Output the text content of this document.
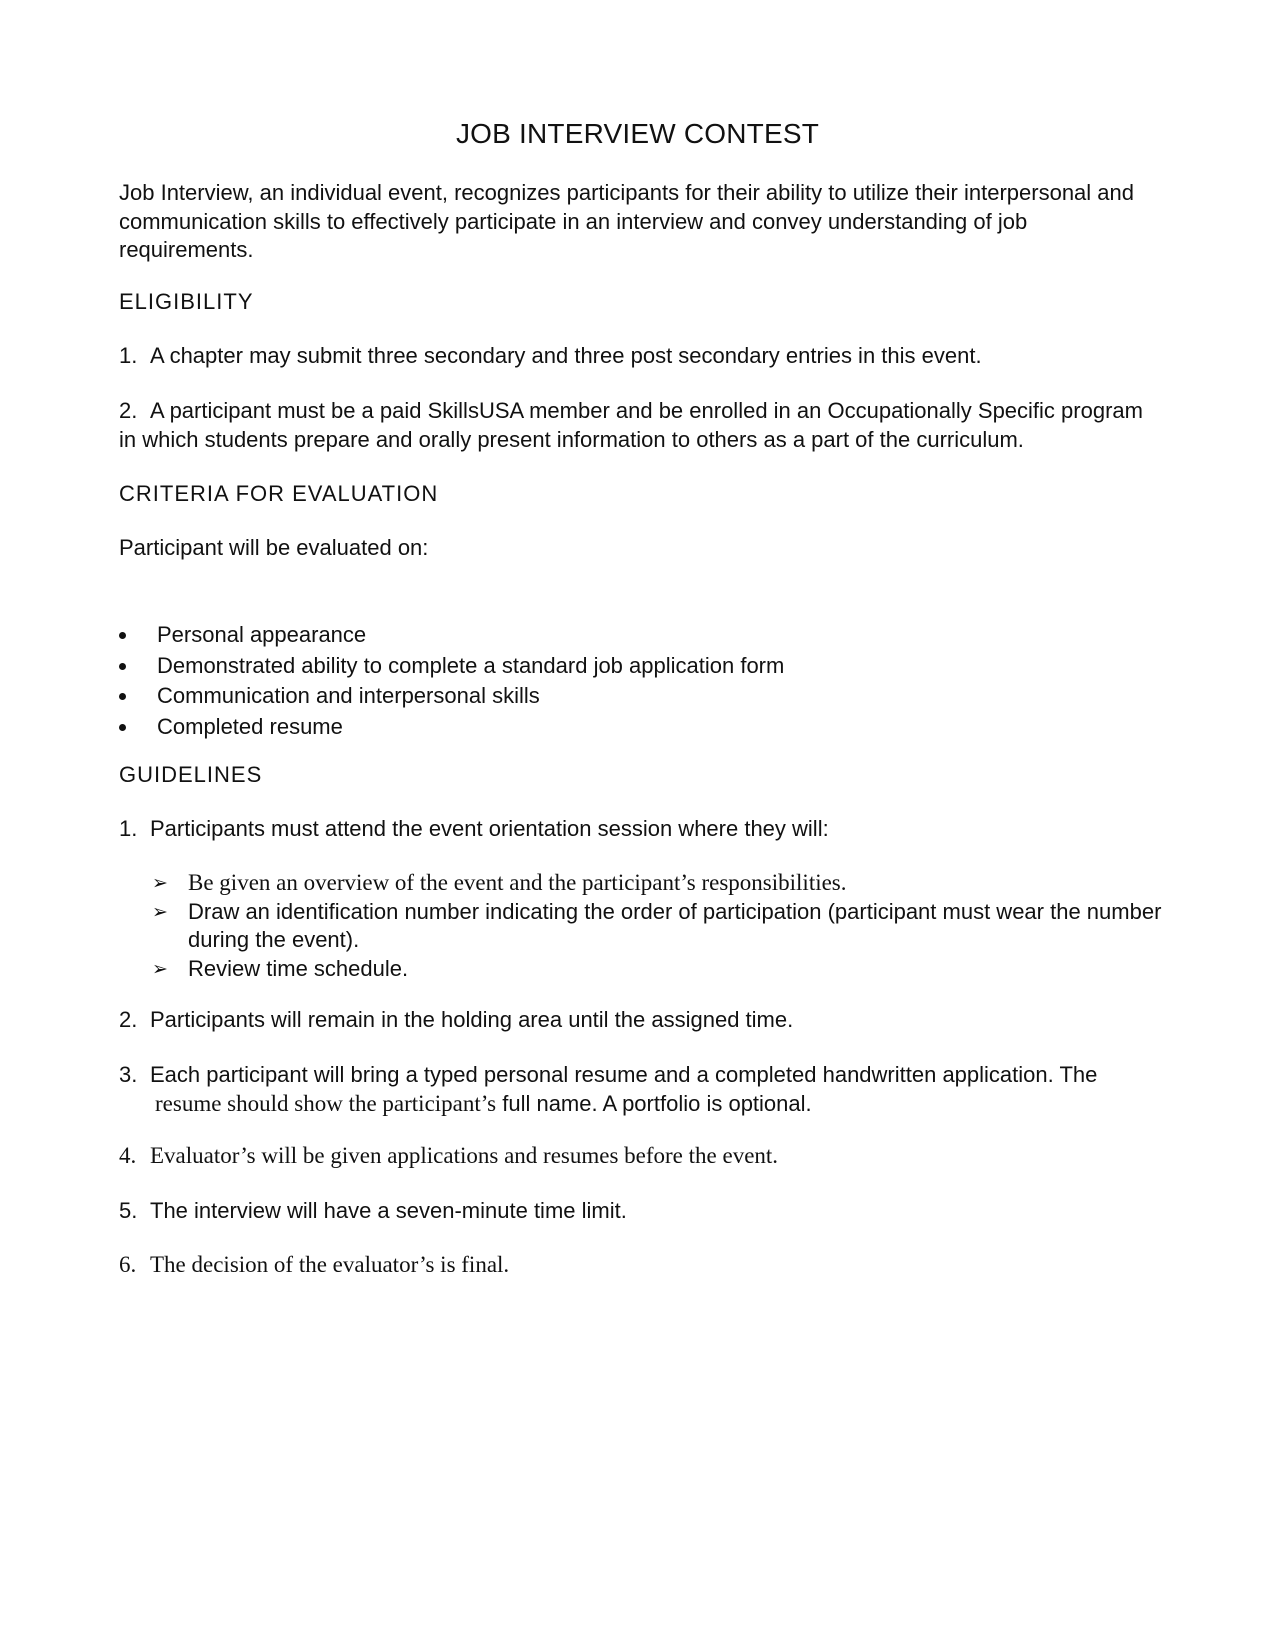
JOB INTERVIEW CONTEST

Job Interview, an individual event, recognizes participants for their ability to utilize their interpersonal and communication skills to effectively participate in an interview and convey understanding of job requirements.

ELIGIBILITY

1. A chapter may submit three secondary and three post secondary entries in this event.

2. A participant must be a paid SkillsUSA member and be enrolled in an Occupationally Specific program in which students prepare and orally present information to others as a part of the curriculum.

CRITERIA FOR EVALUATION

Participant will be evaluated on:

Personal appearance
Demonstrated ability to complete a standard job application form
Communication and interpersonal skills
Completed resume
GUIDELINES

1. Participants must attend the event orientation session where they will:

➢ Be given an overview of the event and the participant’s responsibilities.
➢ Draw an identification number indicating the order of participation (participant must wear the number during the event).
➢ Review time schedule.

2. Participants will remain in the holding area until the assigned time.

3. Each participant will bring a typed personal resume and a completed handwritten application. The
resume should show the participant’s full name. A portfolio is optional.

4. Evaluator’s will be given applications and resumes before the event.

5. The interview will have a seven-minute time limit.

6. The decision of the evaluator’s is final.
